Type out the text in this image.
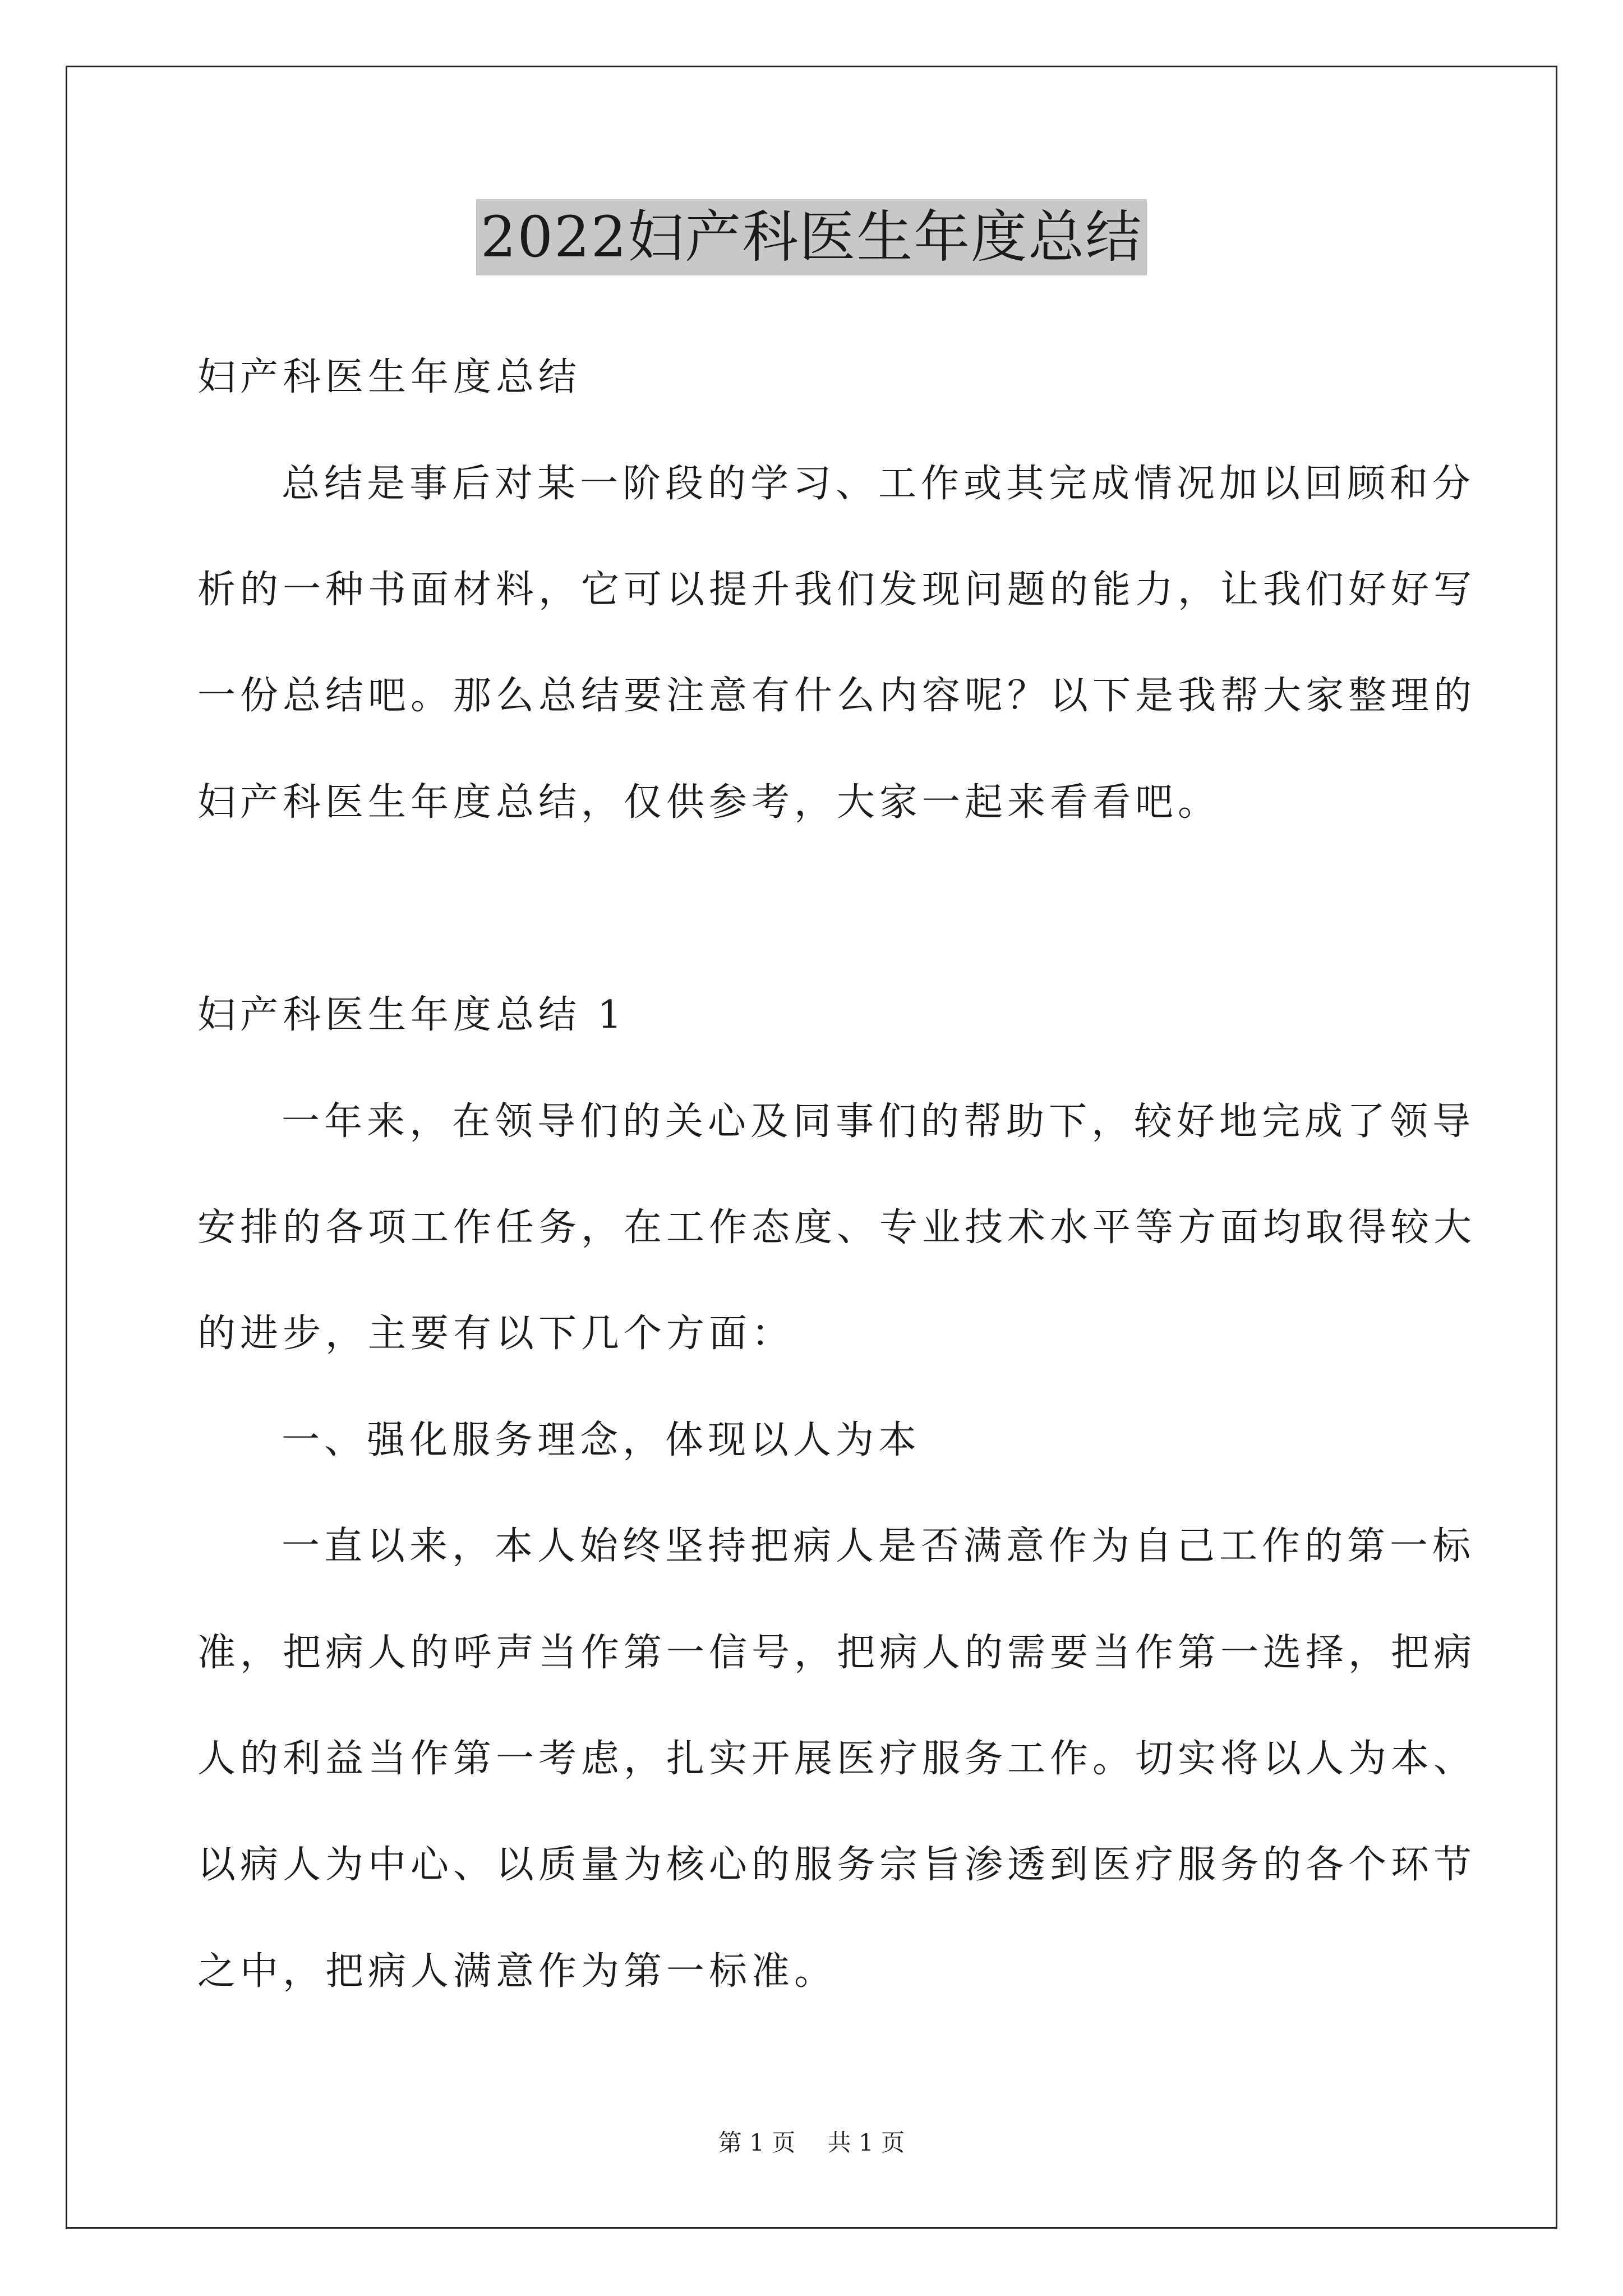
2022妇产科医生年度总结
妇产科医生年度总结
总结是事后对某一阶段的学习、工作或其完成情况加以回顾和分
析的一种书面材料，它可以提升我们发现问题的能力，让我们好好写
一份总结吧。那么总结要注意有什么内容呢？以下是我帮大家整理的
妇产科医生年度总结，仅供参考，大家一起来看看吧。
妇产科医生年度总结 1
一年来，在领导们的关心及同事们的帮助下，较好地完成了领导
安排的各项工作任务，在工作态度、专业技术水平等方面均取得较大
的进步，主要有以下几个方面：
一、强化服务理念，体现以人为本
一直以来，本人始终坚持把病人是否满意作为自己工作的第一标
准，把病人的呼声当作第一信号，把病人的需要当作第一选择，把病
人的利益当作第一考虑，扎实开展医疗服务工作。切实将以人为本、
以病人为中心、以质量为核心的服务宗旨渗透到医疗服务的各个环节
之中，把病人满意作为第一标准。
第 1 页 共 1 页
